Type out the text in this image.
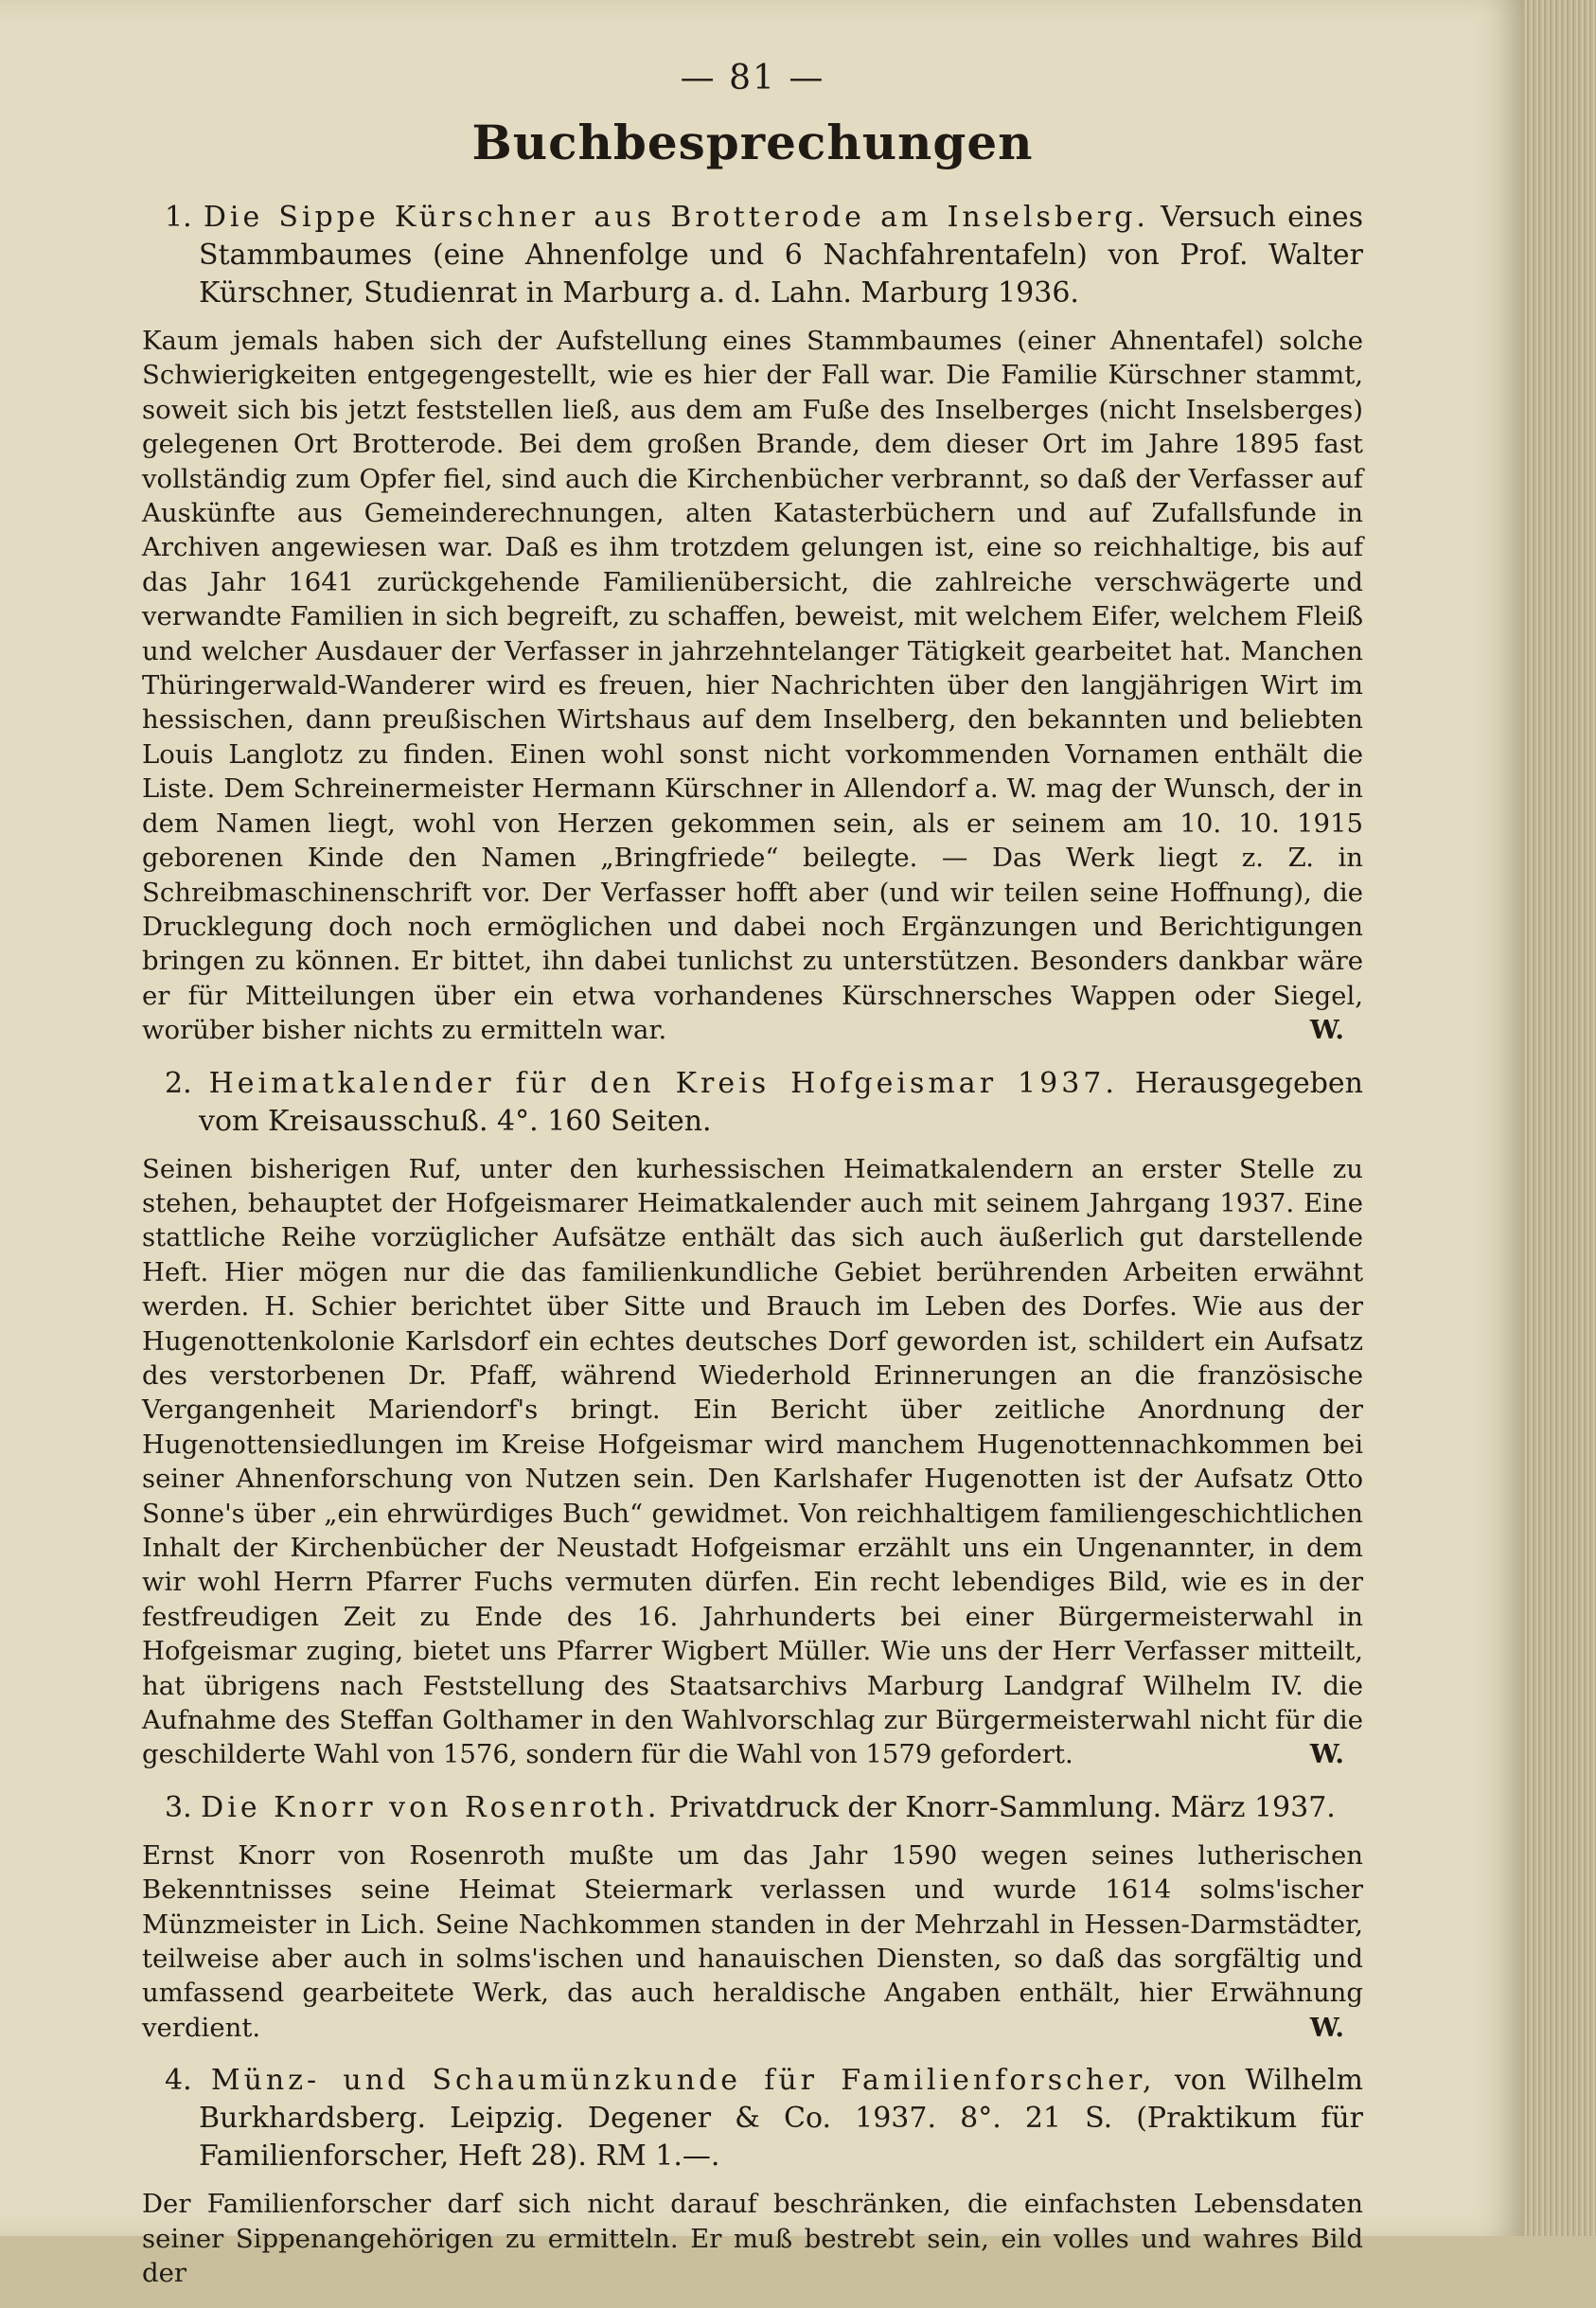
— 81 —
Buchbesprechungen
1. Die Sippe Kürschner aus Brotterode am Inselsberg. Versuch eines Stammbaumes (eine Ahnenfolge und 6 Nachfahrentafeln) von Prof. Walter Kürschner, Studienrat in Marburg a. d. Lahn. Marburg 1936.

Kaum jemals haben sich der Aufstellung eines Stammbaumes (einer Ahnentafel) solche Schwierigkeiten entgegengestellt, wie es hier der Fall war. Die Familie Kürschner stammt, soweit sich bis jetzt feststellen ließ, aus dem am Fuße des Inselberges (nicht Inselsberges) gelegenen Ort Brotterode. Bei dem großen Brande, dem dieser Ort im Jahre 1895 fast vollständig zum Opfer fiel, sind auch die Kirchenbücher verbrannt, so daß der Verfasser auf Auskünfte aus Gemeinderechnungen, alten Katasterbüchern und auf Zufallsfunde in Archiven angewiesen war. Daß es ihm trotzdem gelungen ist, eine so reichhaltige, bis auf das Jahr 1641 zurückgehende Familienübersicht, die zahlreiche verschwägerte und verwandte Familien in sich begreift, zu schaffen, beweist, mit welchem Eifer, welchem Fleiß und welcher Ausdauer der Verfasser in jahrzehntelanger Tätigkeit gearbeitet hat. Manchen Thüringerwald-Wanderer wird es freuen, hier Nachrichten über den langjährigen Wirt im hessischen, dann preußischen Wirtshaus auf dem Inselberg, den bekannten und beliebten Louis Langlotz zu finden. Einen wohl sonst nicht vorkommenden Vornamen enthält die Liste. Dem Schreinermeister Hermann Kürschner in Allendorf a. W. mag der Wunsch, der in dem Namen liegt, wohl von Herzen gekommen sein, als er seinem am 10. 10. 1915 geborenen Kinde den Namen „Bringfriede“ beilegte. — Das Werk liegt z. Z. in Schreibmaschinenschrift vor. Der Verfasser hofft aber (und wir teilen seine Hoffnung), die Drucklegung doch noch ermöglichen und dabei noch Ergänzungen und Berichtigungen bringen zu können. Er bittet, ihn dabei tunlichst zu unterstützen. Besonders dankbar wäre er für Mitteilungen über ein etwa vorhandenes Kürschnersches Wappen oder Siegel, worüber bisher nichts zu ermitteln war.	W.

2. Heimatkalender für den Kreis Hofgeismar 1937. Herausgegeben vom Kreisausschuß. 4°. 160 Seiten.

Seinen bisherigen Ruf, unter den kurhessischen Heimatkalendern an erster Stelle zu stehen, behauptet der Hofgeismarer Heimatkalender auch mit seinem Jahrgang 1937. Eine stattliche Reihe vorzüglicher Aufsätze enthält das sich auch äußerlich gut darstellende Heft. Hier mögen nur die das familienkundliche Gebiet berührenden Arbeiten erwähnt werden. H. Schier berichtet über Sitte und Brauch im Leben des Dorfes. Wie aus der Hugenottenkolonie Karlsdorf ein echtes deutsches Dorf geworden ist, schildert ein Aufsatz des verstorbenen Dr. Pfaff, während Wiederhold Erinnerungen an die französische Vergangenheit Mariendorf's bringt. Ein Bericht über zeitliche Anordnung der Hugenottensiedlungen im Kreise Hofgeismar wird manchem Hugenottennachkommen bei seiner Ahnenforschung von Nutzen sein. Den Karlshafer Hugenotten ist der Aufsatz Otto Sonne's über „ein ehrwürdiges Buch“ gewidmet. Von reichhaltigem familiengeschichtlichen Inhalt der Kirchenbücher der Neustadt Hofgeismar erzählt uns ein Ungenannter, in dem wir wohl Herrn Pfarrer Fuchs vermuten dürfen. Ein recht lebendiges Bild, wie es in der festfreudigen Zeit zu Ende des 16. Jahrhunderts bei einer Bürgermeisterwahl in Hofgeismar zuging, bietet uns Pfarrer Wigbert Müller. Wie uns der Herr Verfasser mitteilt, hat übrigens nach Feststellung des Staatsarchivs Marburg Landgraf Wilhelm IV. die Aufnahme des Steffan Golthamer in den Wahlvorschlag zur Bürgermeisterwahl nicht für die geschilderte Wahl von 1576, sondern für die Wahl von 1579 gefordert.	W.

3. Die Knorr von Rosenroth. Privatdruck der Knorr-Sammlung. März 1937.

Ernst Knorr von Rosenroth mußte um das Jahr 1590 wegen seines lutherischen Bekenntnisses seine Heimat Steiermark verlassen und wurde 1614 solms'ischer Münzmeister in Lich. Seine Nachkommen standen in der Mehrzahl in Hessen-Darmstädter, teilweise aber auch in solms'ischen und hanauischen Diensten, so daß das sorgfältig und umfassend gearbeitete Werk, das auch heraldische Angaben enthält, hier Erwähnung verdient.	W.

4. Münz- und Schaumünzkunde für Familienforscher, von Wilhelm Burkhardsberg. Leipzig. Degener & Co. 1937. 8°. 21 S. (Praktikum für Familienforscher, Heft 28). RM 1.—.

Der Familienforscher darf sich nicht darauf beschränken, die einfachsten Lebensdaten seiner Sippenangehörigen zu ermitteln. Er muß bestrebt sein, ein volles und wahres Bild der
